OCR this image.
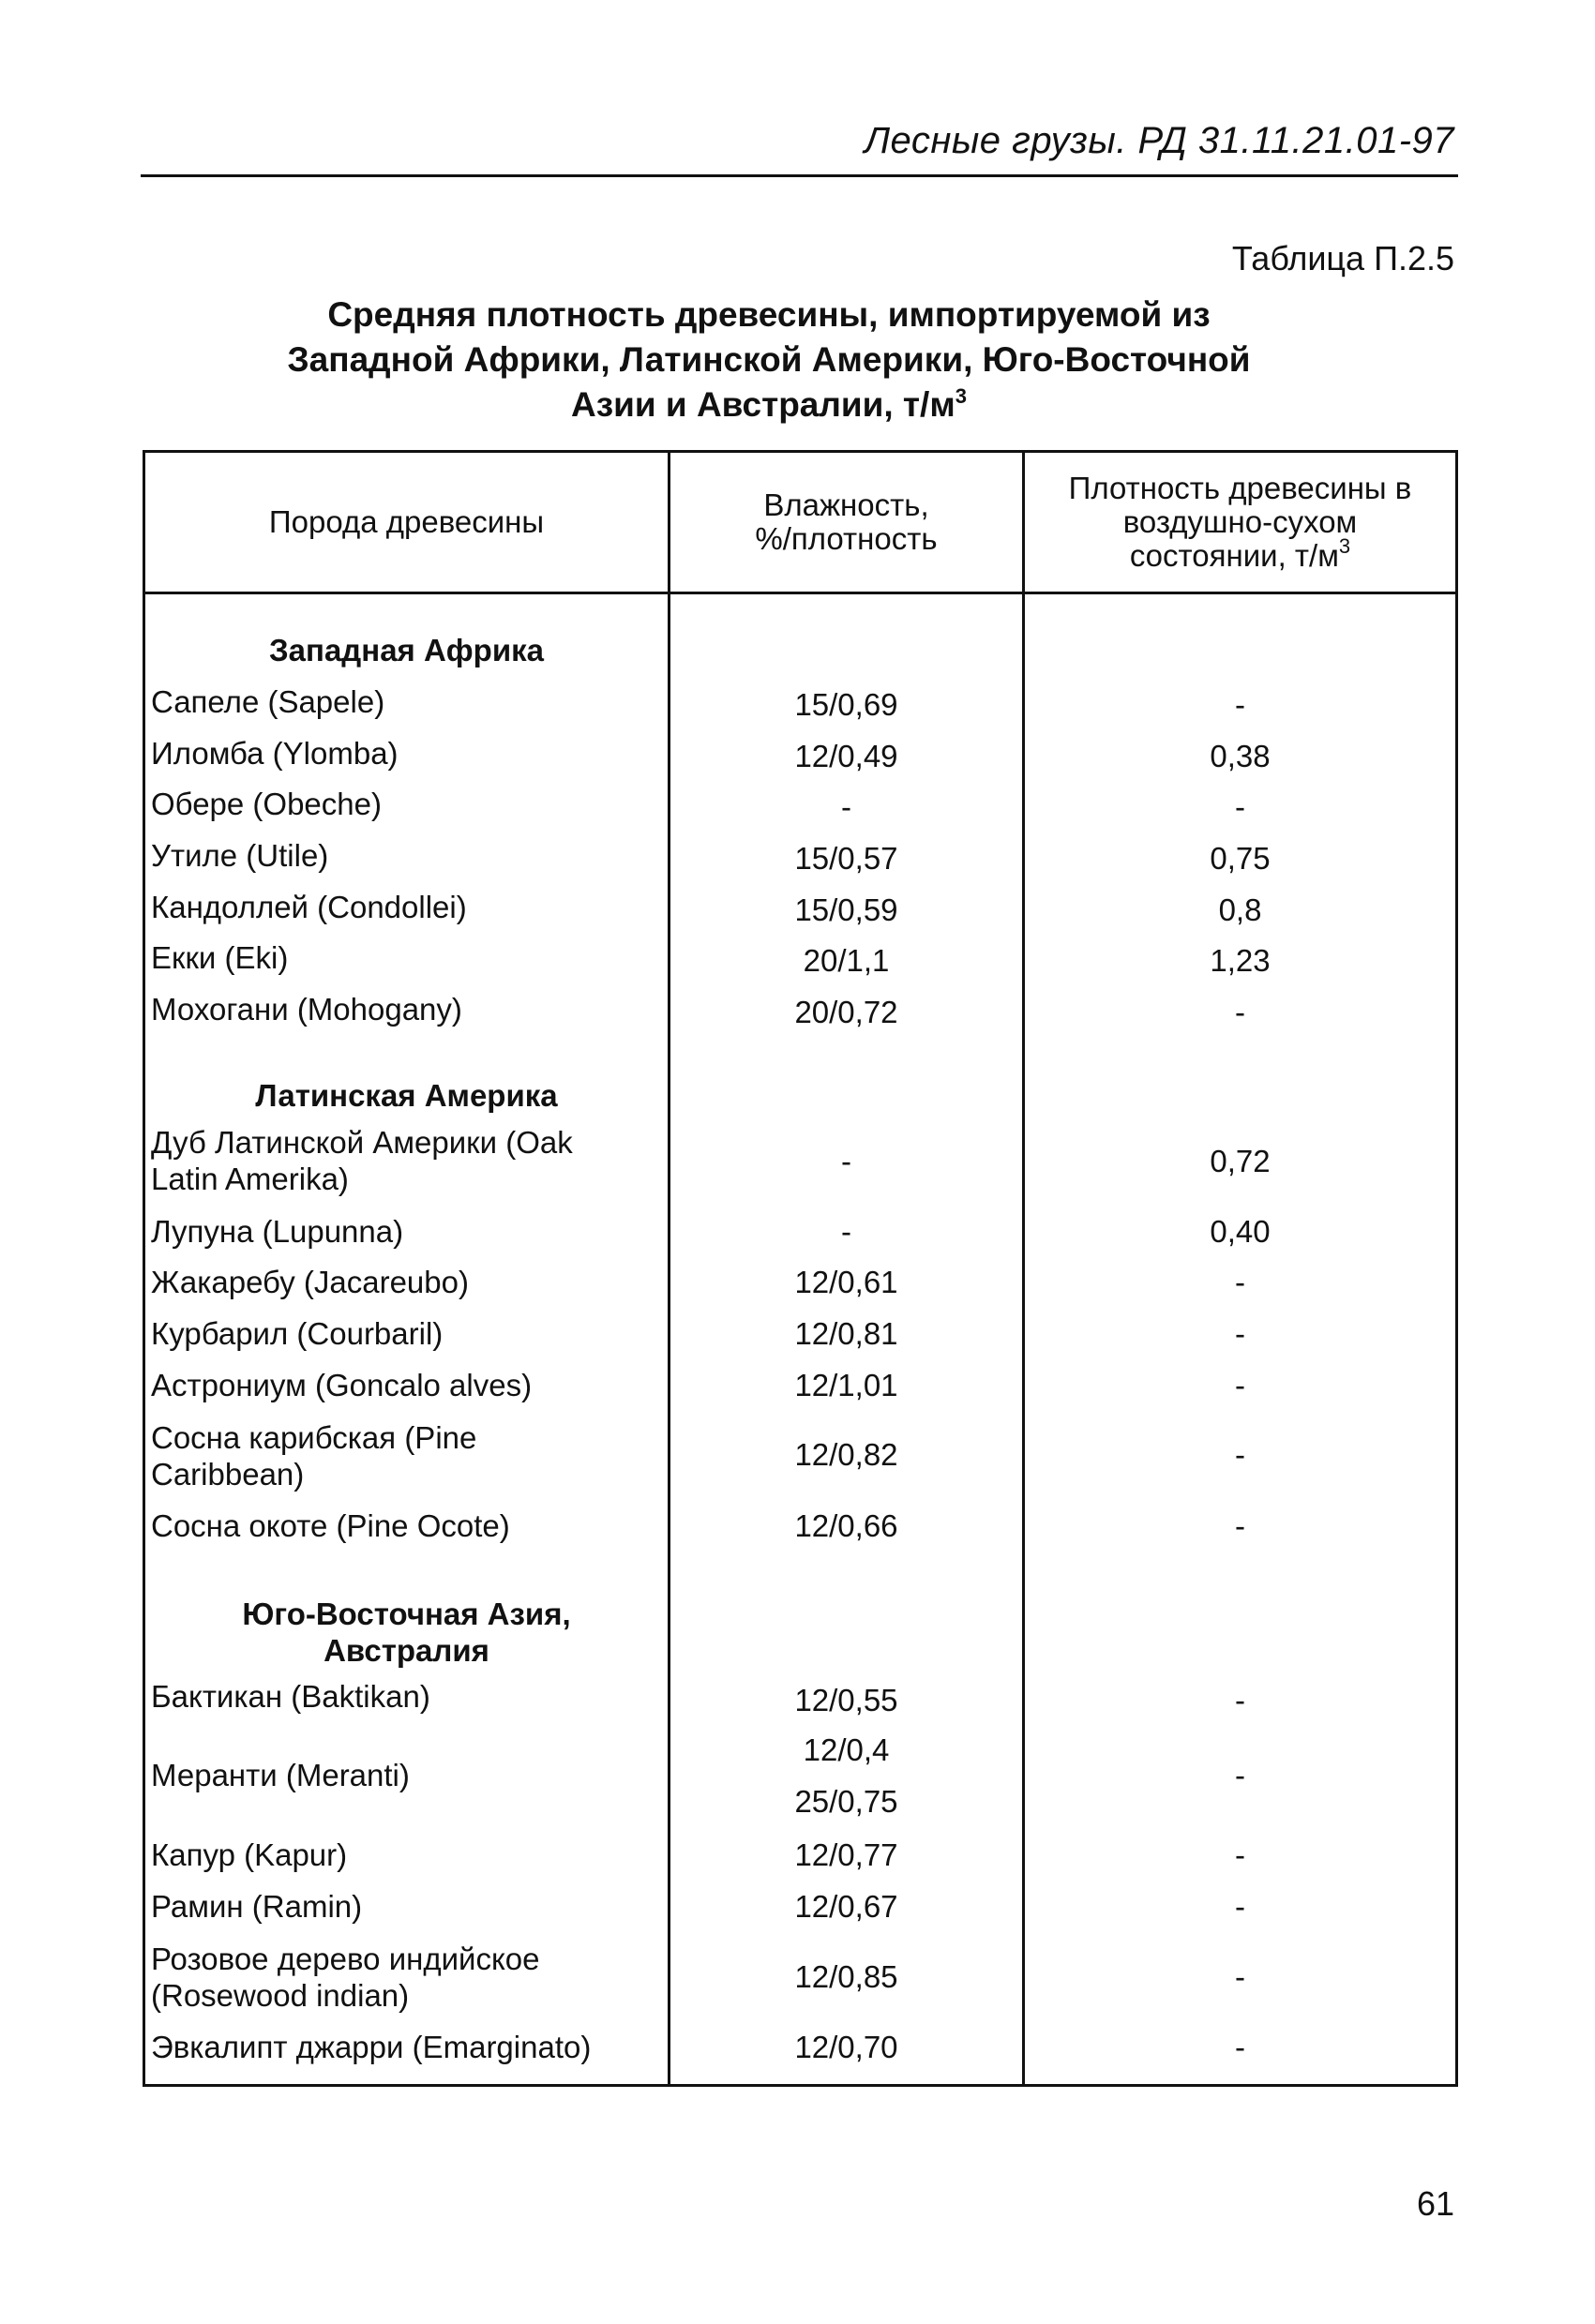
Лесные грузы. РД 31.11.21.01-97
Таблица П.2.5
Средняя плотность древесины, импортируемой из
Западной Африки, Латинской Америки, Юго-Восточной
Азии и Австралии, $т/м^3$
Порода древесины	Влажность,
%/плотность
Плотность древесины в
воздушно-сухом
состоянии, $т/м^3$
Западная Африка
Сапеле (Sapele)
Иломба (Ylomba)
Обере (Obeche)
Утиле (Utile)
Кандоллей (Condollei)
Екки (Eki)
Мохогани (Mohogany)
Латинская Америка
Дуб Латинской Америки (Oak
Latin Amerika)
Лупуна (Lupunna)
Жакаребу (Jacareubo)
Курбарил (Courbaril)
Астрониум (Goncalo alves)
Сосна карибская (Pine
Caribbean)
Сосна окоте (Pine Ocote)
Юго-Восточная Азия,
Австралия
Бактикан (Baktikan)
Меранти (Meranti)
Капур (Kapur)
Рамин (Ramin)
Розовое дерево индийское
(Rosewood indian)
Эвкалипт джарри (Emarginato)
15/0,69
12/0,49
-
15/0,57
15/0,59
20/1,1
20/0,72
-
-
12/0,61
12/0,81
12/1,01
12/0,82
12/0,66
12/0,55
12/0,4
25/0,75
12/0,77
12/0,67
12/0,85
12/0,70
-
0,38
-
0,75
0,8
1,23
-
0,72
0,40
-
-
-
-
-
-
-
-
-
-
-
61
